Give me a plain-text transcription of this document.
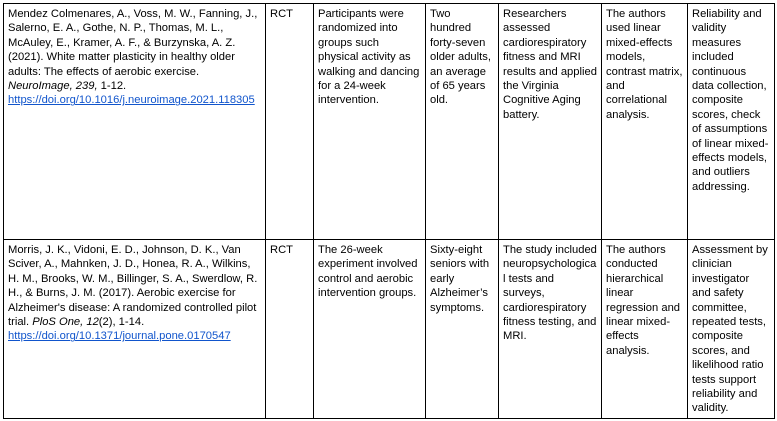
Mendez Colmenares, A., Voss, M. W., Fanning, J., Salerno, E. A., Gothe, N. P., Thomas, M. L., McAuley, E., Kramer, A. F., & Burzynska, A. Z. (2021). White matter plasticity in healthy older adults: The effects of aerobic exercise. NeuroImage, 239, 1-12.
https://doi.org/10.1016/j.neuroimage.2021.118305	RCT	Participants were randomized into groups such physical activity as walking and dancing for a 24-week intervention.	Two hundred forty-seven older adults, an average of 65 years old.	Researchers assessed cardiorespiratory fitness and MRI results and applied the Virginia Cognitive Aging battery.	The authors used linear mixed-effects models, contrast matrix, and correlational analysis.	Reliability and validity measures included continuous data collection, composite scores, check of assumptions of linear mixed-effects models, and outliers addressing.
Morris, J. K., Vidoni, E. D., Johnson, D. K., Van Sciver, A., Mahnken, J. D., Honea, R. A., Wilkins, H. M., Brooks, W. M., Billinger, S. A., Swerdlow, R. H., & Burns, J. M. (2017). Aerobic exercise for Alzheimer's disease: A randomized controlled pilot trial. PloS One, 12(2), 1-14.
https://doi.org/10.1371/journal.pone.0170547	RCT	The 26-week experiment involved control and aerobic intervention groups.	Sixty-eight seniors with early Alzheimer’s symptoms.	The study included neuropsychological tests and surveys, cardiorespiratory fitness testing, and MRI.	The authors conducted hierarchical linear regression and linear mixed-effects analysis.	Assessment by clinician investigator and safety committee, repeated tests, composite scores, and likelihood ratio tests support reliability and validity.
